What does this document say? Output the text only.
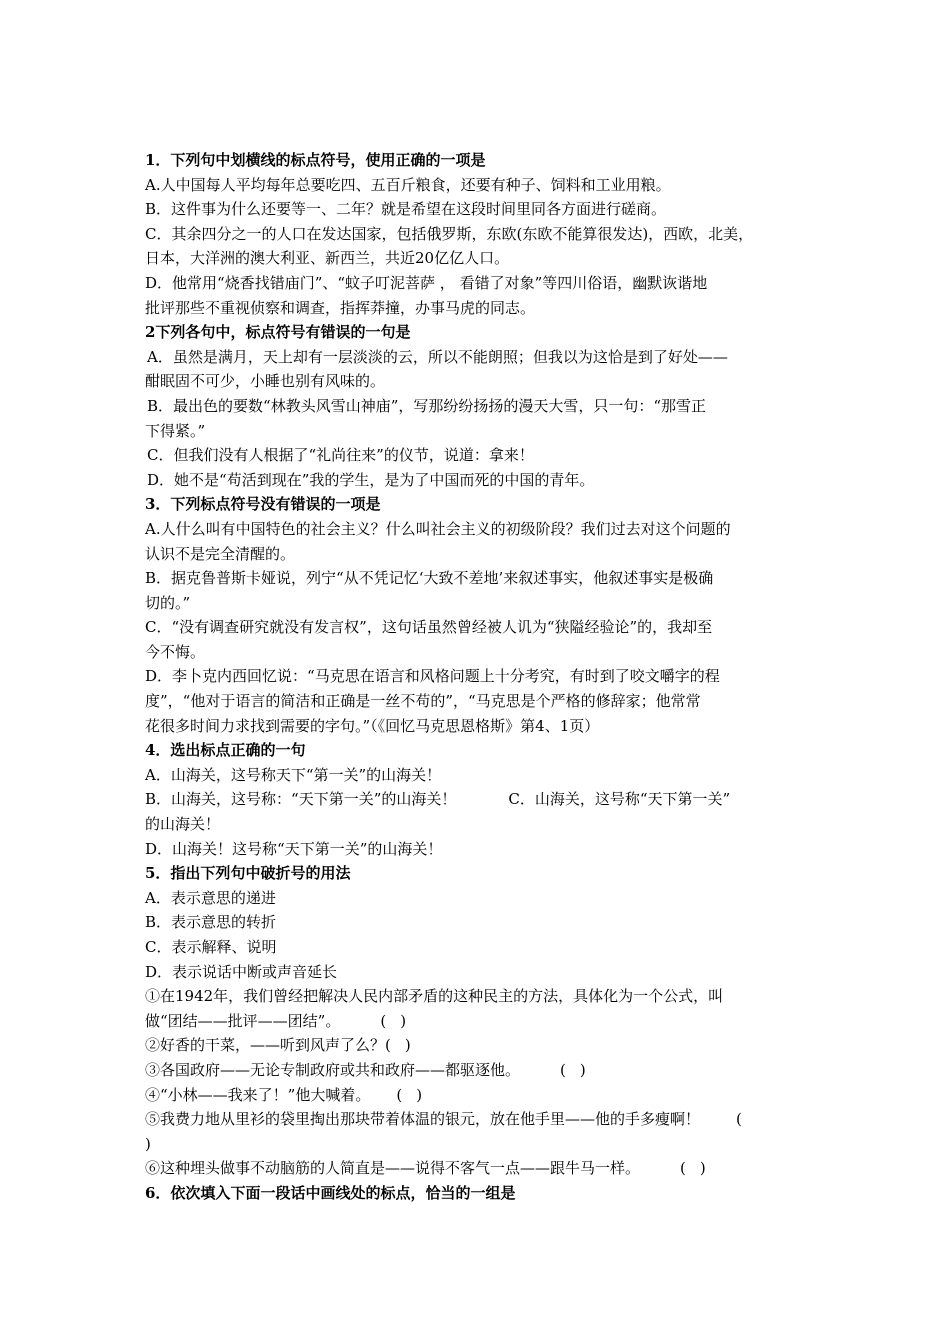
1．下列句中划横线的标点符号，使用正确的一项是
A.人中国每人平均每年总要吃四、五百斤粮食，还要有种子、饲料和工业用粮。
B．这件事为什么还要等一、二年？就是希望在这段时间里同各方面进行磋商。
C．其余四分之一的人口在发达国家，包括俄罗斯，东欧(东欧不能算很发达)，西欧，北美，
日本，大洋洲的澳大利亚、新西兰，共近20亿亿人口。
D．他常用“烧香找错庙门”、“蚊子叮泥菩萨 ， 看错了对象”等四川俗语，幽默诙谐地
批评那些不重视侦察和调查，指挥莽撞，办事马虎的同志。
2下列各句中，标点符号有错误的一句是
A．虽然是满月，天上却有一层淡淡的云，所以不能朗照；但我以为这恰是到了好处——
酣眠固不可少，小睡也别有风味的。
B．最出色的要数“林教头风雪山神庙”，写那纷纷扬扬的漫天大雪，只一句：“那雪正
下得紧。”
C．但我们没有人根据了“礼尚往来”的仪节，说道：拿来！
D．她不是“苟活到现在”我的学生，是为了中国而死的中国的青年。
3．下列标点符号没有错误的一项是
A.人什么叫有中国特色的社会主义？什么叫社会主义的初级阶段？我们过去对这个问题的
认识不是完全清醒的。
B．据克鲁普斯卡娅说，列宁“从不凭记忆‘大致不差地’来叙述事实，他叙述事实是极确
切的。”
C．“没有调查研究就没有发言权”，这句话虽然曾经被人讥为“狭隘经验论”的，我却至
今不悔。
D．李卜克内西回忆说：“马克思在语言和风格问题上十分考究，有时到了咬文嚼字的程
度”，“他对于语言的简洁和正确是一丝不苟的”，“马克思是个严格的修辞家；他常常
花很多时间力求找到需要的字句。”（《回忆马克思恩格斯》第4、1页）
4．选出标点正确的一句
A．山海关，这号称天下“第一关”的山海关！
B．山海关，这号称：“天下第一关”的山海关！	C．山海关，这号称“天下第一关”
的山海关！
D．山海关！这号称“天下第一关”的山海关！
5．指出下列句中破折号的用法
A．表示意思的递进
B．表示意思的转折
C．表示解释、说明
D．表示说话中断或声音延长
①在1942年，我们曾经把解决人民内部矛盾的这种民主的方法，具体化为一个公式，叫
做“团结——批评——团结”。	( )
②好香的干菜，——听到风声了么？( )
③各国政府——无论专制政府或共和政府——都驱逐他。	( )
④“小林——我来了！”他大喊着。 ( )
⑤我费力地从里衫的袋里掏出那块带着体温的银元，放在他手里——他的手多瘦啊！ (
)
⑥这种埋头做事不动脑筋的人简直是——说得不客气一点——跟牛马一样。	( )
6．依次填入下面一段话中画线处的标点，恰当的一组是
